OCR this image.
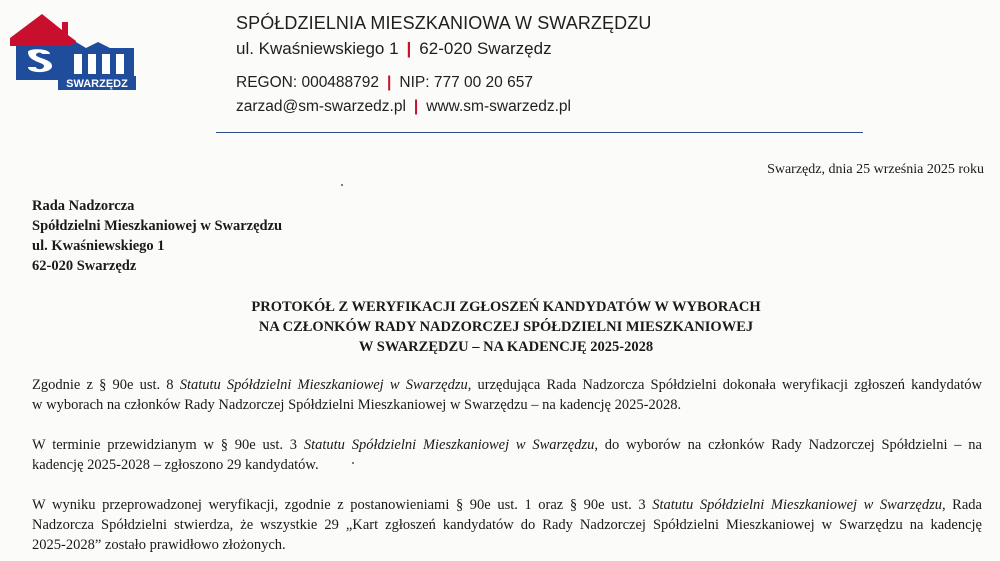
SWARZĘDZ
SPÓŁDZIELNIA MIESZKANIOWA W SWARZĘDZU
ul. Kwaśniewskiego 1 | 62-020 Swarzędz
REGON: 000488792 | NIP: 777 00 20 657
zarzad@sm-swarzedz.pl | www.sm-swarzedz.pl
Swarzędz, dnia 25 września 2025 roku
Rada Nadzorcza
Spółdzielni Mieszkaniowej w Swarzędzu
ul. Kwaśniewskiego 1
62-020 Swarzędz
PROTOKÓŁ Z WERYFIKACJI ZGŁOSZEŃ KANDYDATÓW W WYBORACH
NA CZŁONKÓW RADY NADZORCZEJ SPÓŁDZIELNI MIESZKANIOWEJ
W SWARZĘDZU – NA KADENCJĘ 2025-2028
Zgodnie z § 90e ust. 8 Statutu Spółdzielni Mieszkaniowej w Swarzędzu, urzędująca Rada Nadzorcza Spółdzielni dokonała weryfikacji zgłoszeń kandydatów
w wyborach na członków Rady Nadzorczej Spółdzielni Mieszkaniowej w Swarzędzu – na kadencję 2025-2028.
W terminie przewidzianym w § 90e ust. 3 Statutu Spółdzielni Mieszkaniowej w Swarzędzu, do wyborów na członków Rady Nadzorczej Spółdzielni – na
kadencję 2025-2028 – zgłoszono 29 kandydatów.
W wyniku przeprowadzonej weryfikacji, zgodnie z postanowieniami § 90e ust. 1 oraz § 90e ust. 3 Statutu Spółdzielni Mieszkaniowej w Swarzędzu, Rada
Nadzorcza Spółdzielni stwierdza, że wszystkie 29 „Kart zgłoszeń kandydatów do Rady Nadzorczej Spółdzielni Mieszkaniowej w Swarzędzu na kadencję
2025-2028” zostało prawidłowo złożonych.
